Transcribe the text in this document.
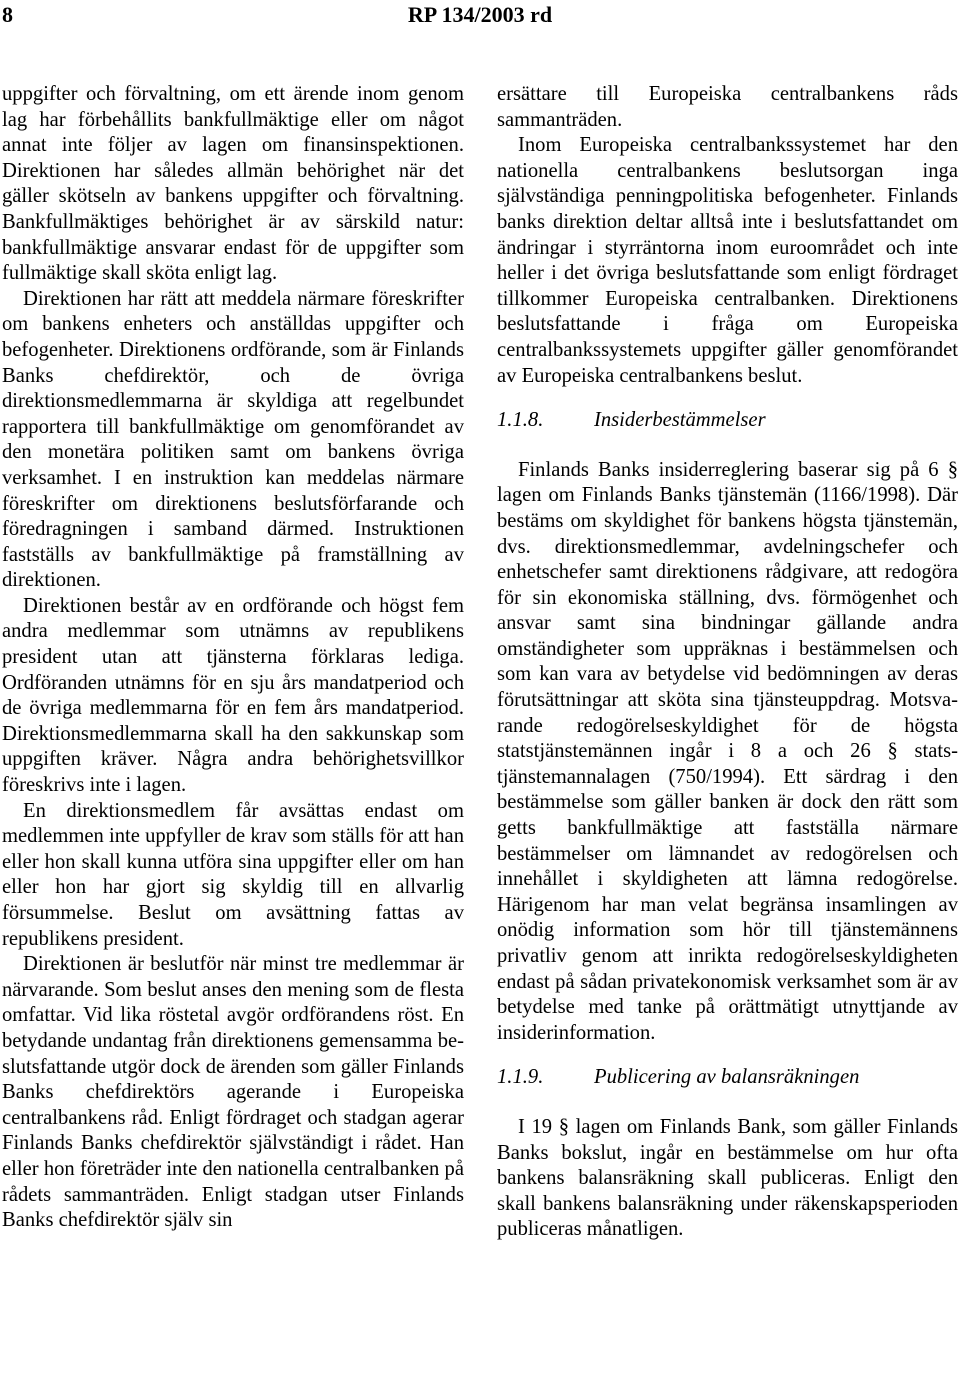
8	RP 134/2003 rd

uppgifter och förvaltning, om ett ärende inom genom lag har förbehållits bankfullmäktige eller om något annat inte följer av lagen om finansinspektionen. Direktionen har således allmän behörighet när det gäller skötseln av bankens uppgifter och förvaltning. Bankfullmäktiges behörighet är av särskild natur: bankfullmäktige ansvarar endast för de uppgifter som fullmäktige skall sköta enligt lag.

Direktionen har rätt att meddela närmare föreskrifter om bankens enheters och anställdas uppgifter och befogenheter. Direktionens ordförande, som är Finlands Banks chefdirektör, och de övriga direktionsmedlemmarna är skyldiga att regelbundet rapportera till bankfullmäktige om genomförandet av den monetära politiken samt om bankens övriga verksamhet. I en instruktion kan meddelas närmare föreskrifter om direktionens beslutsförfarande och föredragningen i samband därmed. Instruktionen fastställs av bankfullmäktige på framställning av direktionen.

Direktionen består av en ordförande och högst fem andra medlemmar som utnämns av republikens president utan att tjänsterna förklaras lediga. Ordföranden utnämns för en sju års mandatperiod och de övriga medlemmarna för en fem års mandatperiod. Direktionsmedlemmarna skall ha den sakkunskap som uppgiften kräver. Några andra behörighetsvillkor föreskrivs inte i lagen.

En direktionsmedlem får avsättas endast om medlemmen inte uppfyller de krav som ställs för att han eller hon skall kunna utföra sina uppgifter eller om han eller hon har gjort sig skyldig till en allvarlig försummelse. Beslut om avsättning fattas av republikens president.

Direktionen är beslutför när minst tre medlemmar är närvarande. Som beslut anses den mening som de flesta omfattar. Vid lika röstetal avgör ordförandens röst. En betydande undantag från direktionens gemensamma beslutsfattande utgör dock de ärenden som gäller Finlands Banks chefdirektörs agerande i Europeiska centralbankens råd. Enligt fördraget och stadgan agerar Finlands Banks chefdirektör självständigt i rådet. Han eller hon företräder inte den nationella centralbanken på rådets sammanträden. Enligt stadgan utser Finlands Banks chefdirektör själv sin

ersättare till Europeiska centralbankens råds sammanträden.

Inom Europeiska centralbankssystemet har den nationella centralbankens beslutsorgan inga självständiga penningpolitiska befogenheter. Finlands banks direktion deltar alltså inte i beslutsfattandet om ändringar i styrräntorna inom euroområdet och inte heller i det övriga beslutsfattande som enligt fördraget tillkommer Europeiska centralbanken. Direktionens beslutsfattande i fråga om Europeiska centralbankssystemets uppgifter gäller genomförandet av Europeiska centralbankens beslut.

1.1.8. Insiderbestämmelser

Finlands Banks insiderreglering baserar sig på 6 § lagen om Finlands Banks tjänstemän (1166/1998). Där bestäms om skyldighet för bankens högsta tjänstemän, dvs. direktionsmedlemmar, avdelningschefer och enhetschefer samt direktionens rådgivare, att redogöra för sin ekonomiska ställning, dvs. förmögenhet och ansvar samt sina bindningar gällande andra omständigheter som uppräknas i bestämmelsen och som kan vara av betydelse vid bedömningen av deras förutsättningar att sköta sina tjänsteuppdrag. Motsvarande redogörelseskyldighet för de högsta statstjänstemännen ingår i 8 a och 26 § statstjänstemannalagen (750/1994). Ett särdrag i den bestämmelse som gäller banken är dock den rätt som getts bankfullmäktige att fastställa närmare bestämmelser om lämnandet av redogörelsen och innehållet i skyldigheten att lämna redogörelse. Härigenom har man velat begränsa insamlingen av onödig information som hör till tjänstemännens privatliv genom att inrikta redogörelseskyldigheten endast på sådan privatekonomisk verksamhet som är av betydelse med tanke på orättmätigt utnyttjande av insiderinformation.

1.1.9. Publicering av balansräkningen

I 19 § lagen om Finlands Bank, som gäller Finlands Banks bokslut, ingår en bestämmelse om hur ofta bankens balansräkning skall publiceras. Enligt den skall bankens balansräkning under räkenskapsperioden publiceras månatligen.
